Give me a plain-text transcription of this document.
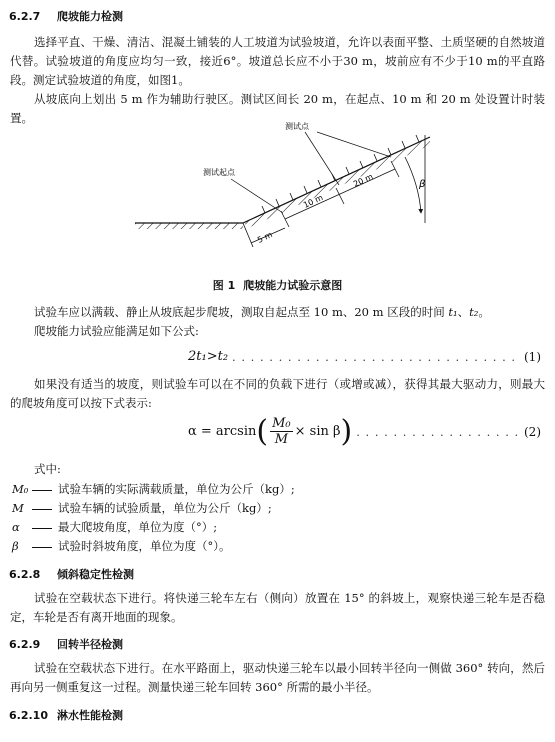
6.2.7 爬坡能力检测
选择平直、干燥、清洁、混凝土铺装的人工坡道为试验坡道，允许以表面平整、土质坚硬的自然坡道代替。试验坡道的角度应均匀一致，接近6°。坡道总长应不小于30 m，坡前应有不少于10 m的平直路段。测定试验坡道的角度，如图1。
从坡底向上划出 5 m 作为辅助行驶区。测试区间长 20 m，在起点、10 m 和 20 m 处设置计时装置。
β
10 m
20 m
5 m
测试点
测试起点
图 1 爬坡能力试验示意图
试验车应以满载、静止从坡底起步爬坡，测取自起点至 10 m、20 m 区段的时间 t₁、t₂。
爬坡能力试验应能满足如下公式:
2t₁>t₂ . . .	(1)
如果没有适当的坡度，则试验车可以在不同的负载下进行（或增或减），获得其最大驱动力，则最大的爬坡角度可以按下式表示:
α = arcsin ( $\frac{\text{M₀}}{M} \times \sin \beta$ ) . . .	(2)
式中:
M₀	试验车辆的实际满载质量，单位为公斤（kg）;
M	试验车辆的试验质量，单位为公斤（kg）;
α	最大爬坡角度，单位为度（°）;
β	试验时斜坡角度，单位为度（°）。
6.2.8 倾斜稳定性检测
试验在空载状态下进行。将快递三轮车左右（侧向）放置在 15° 的斜坡上，观察快递三轮车是否稳定，车轮是否有离开地面的现象。
6.2.9 回转半径检测
试验在空载状态下进行。在水平路面上，驱动快递三轮车以最小回转半径向一侧做 360° 转向，然后再向另一侧重复这一过程。测量快递三轮车回转 360° 所需的最小半径。
6.2.10 淋水性能检测
